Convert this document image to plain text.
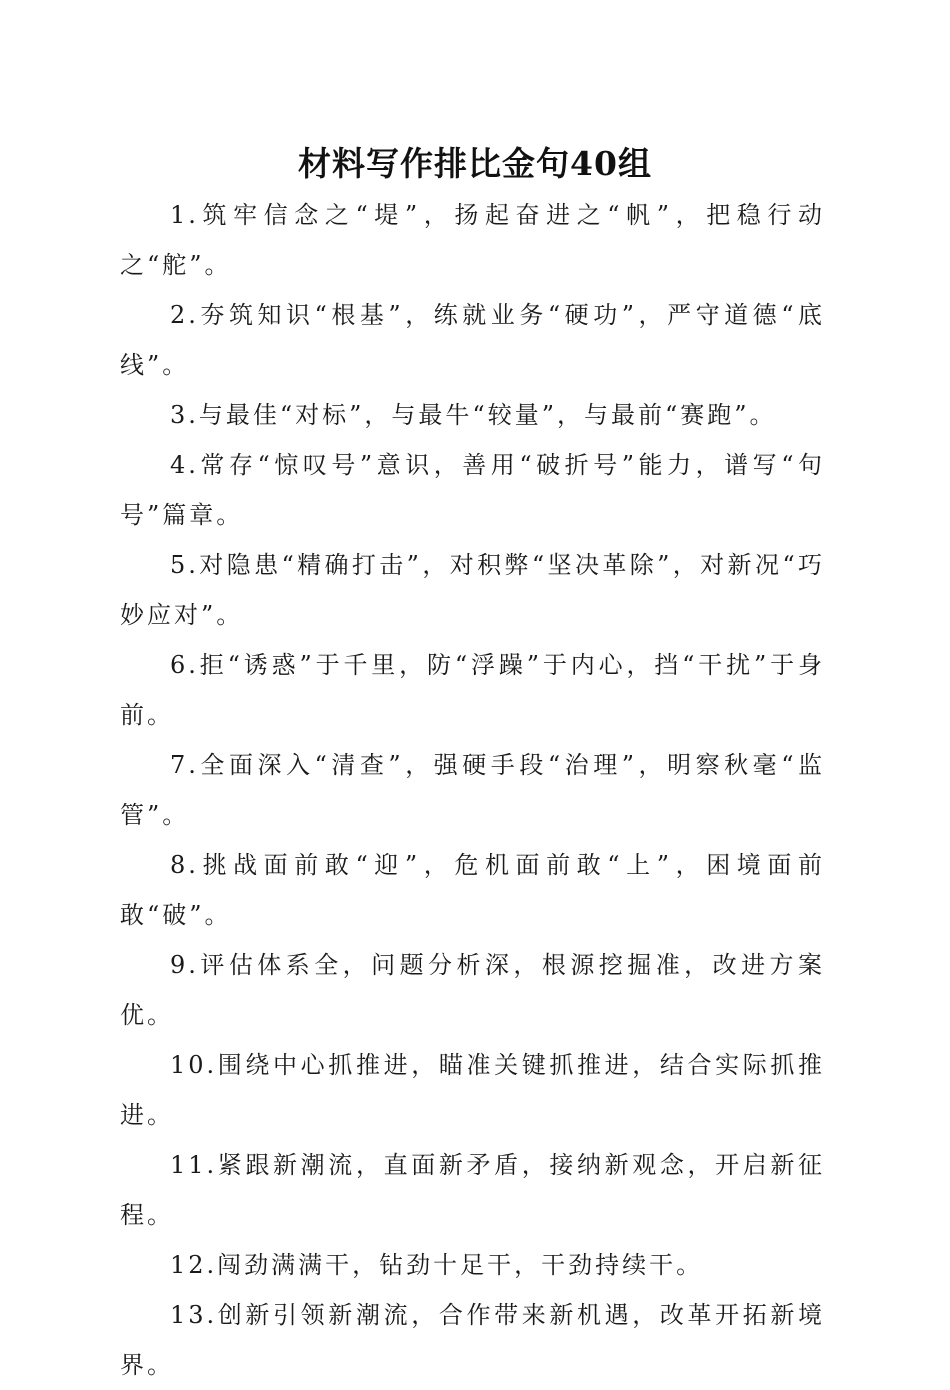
材料写作排比金句40组

1.筑牢信念之“堤”，扬起奋进之“帆”，把稳行动之“舵”。

2.夯筑知识“根基”，练就业务“硬功”，严守道德“底线”。

3.与最佳“对标”，与最牛“较量”，与最前“赛跑”。

4.常存“惊叹号”意识，善用“破折号”能力，谱写“句号”篇章。

5.对隐患“精确打击”，对积弊“坚决革除”，对新况“巧妙应对”。

6.拒“诱惑”于千里，防“浮躁”于内心，挡“干扰”于身前。

7.全面深入“清查”，强硬手段“治理”，明察秋毫“监管”。

8.挑战面前敢“迎”，危机面前敢“上”，困境面前敢“破”。

9.评估体系全，问题分析深，根源挖掘准，改进方案优。

10.围绕中心抓推进，瞄准关键抓推进，结合实际抓推进。

11.紧跟新潮流，直面新矛盾，接纳新观念，开启新征程。

12.闯劲满满干，钻劲十足干，干劲持续干。

13.创新引领新潮流，合作带来新机遇，改革开拓新境界。
